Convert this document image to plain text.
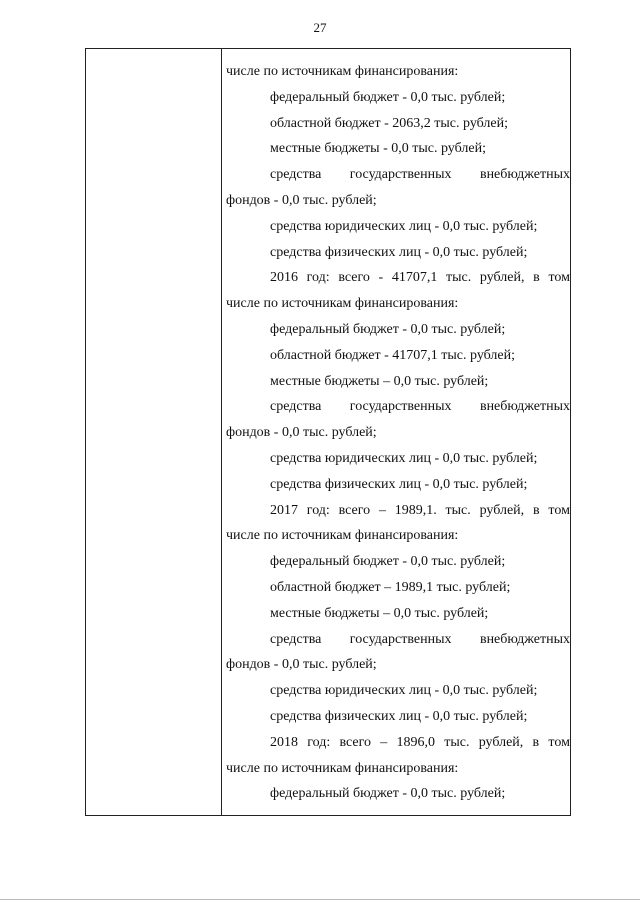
27
числе по источникам финансирования:
федеральный бюджет - 0,0 тыс. рублей;
областной бюджет - 2063,2 тыс. рублей;
местные бюджеты - 0,0 тыс. рублей;
средства государственных внебюджетных
фондов - 0,0 тыс. рублей;
средства юридических лиц - 0,0 тыс. рублей;
средства физических лиц - 0,0 тыс. рублей;
2016 год: всего - 41707,1 тыс. рублей, в том
числе по источникам финансирования:
федеральный бюджет - 0,0 тыс. рублей;
областной бюджет - 41707,1 тыс. рублей;
местные бюджеты – 0,0 тыс. рублей;
средства государственных внебюджетных
фондов - 0,0 тыс. рублей;
средства юридических лиц - 0,0 тыс. рублей;
средства физических лиц - 0,0 тыс. рублей;
2017 год: всего – 1989,1. тыс. рублей, в том
числе по источникам финансирования:
федеральный бюджет - 0,0 тыс. рублей;
областной бюджет – 1989,1 тыс. рублей;
местные бюджеты – 0,0 тыс. рублей;
средства государственных внебюджетных
фондов - 0,0 тыс. рублей;
средства юридических лиц - 0,0 тыс. рублей;
средства физических лиц - 0,0 тыс. рублей;
2018 год: всего – 1896,0 тыс. рублей, в том
числе по источникам финансирования:
федеральный бюджет - 0,0 тыс. рублей;
